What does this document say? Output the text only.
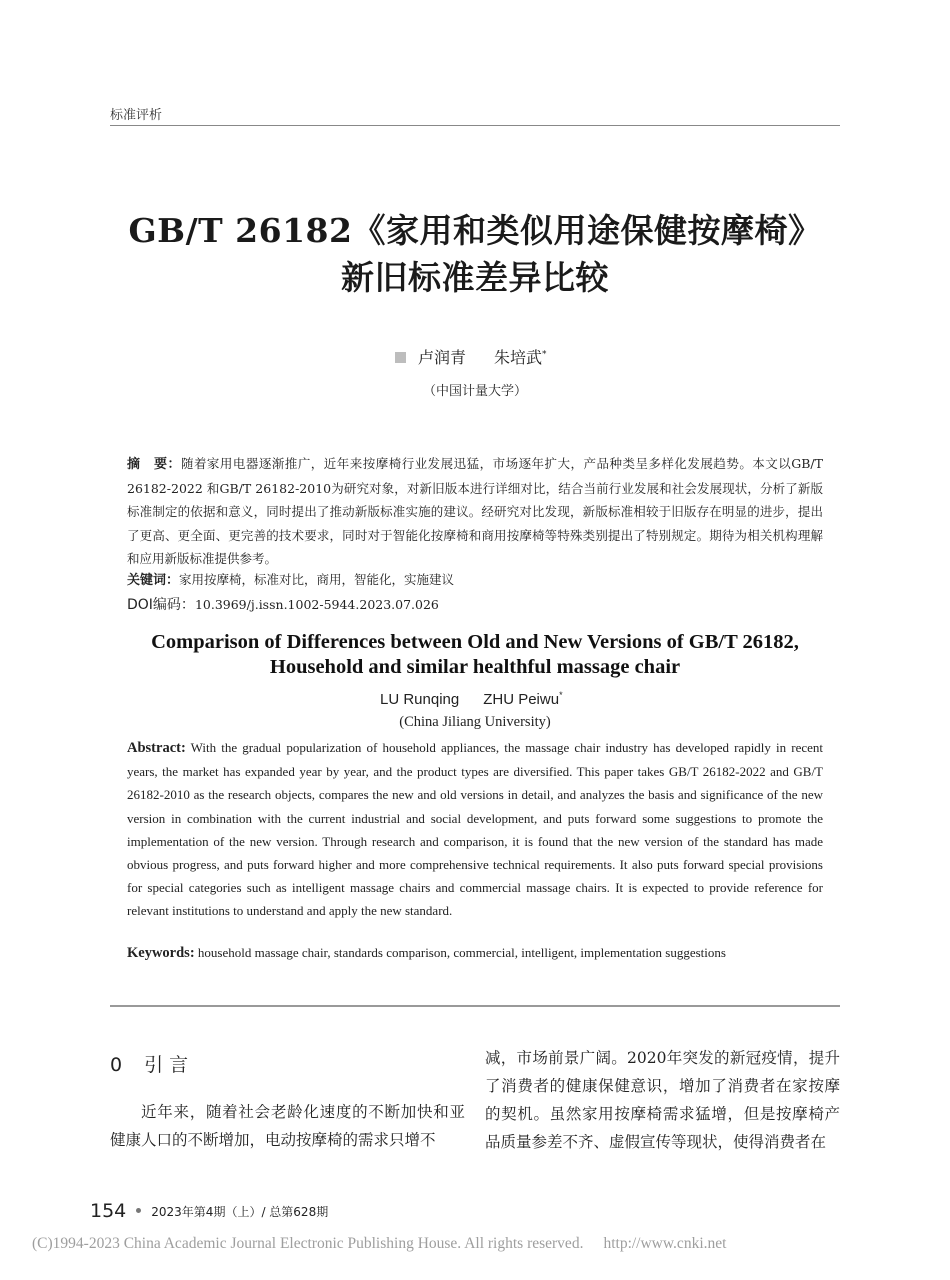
标准评析
GB/T 26182《家用和类似用途保健按摩椅》
新旧标准差异比较
卢润青 朱培武*
（中国计量大学）
摘　要：随着家用电器逐渐推广，近年来按摩椅行业发展迅猛，市场逐年扩大，产品种类呈多样化发展趋势。本文以GB/T 26182-2022 和GB/T 26182-2010为研究对象，对新旧版本进行详细对比，结合当前行业发展和社会发展现状，分析了新版标准制定的依据和意义，同时提出了推动新版标准实施的建议。经研究对比发现，新版标准相较于旧版存在明显的进步，提出了更高、更全面、更完善的技术要求，同时对于智能化按摩椅和商用按摩椅等特殊类别提出了特别规定。期待为相关机构理解和应用新版标准提供参考。
关键词：家用按摩椅，标准对比，商用，智能化，实施建议
DOI编码：10.3969/j.issn.1002-5944.2023.07.026
Comparison of Differences between Old and New Versions of GB/T 26182,
Household and similar healthful massage chair
LU Runqing ZHU Peiwu*
(China Jiliang University)
Abstract: With the gradual popularization of household appliances, the massage chair industry has developed rapidly in recent years, the market has expanded year by year, and the product types are diversified. This paper takes GB/T 26182-2022 and GB/T 26182-2010 as the research objects, compares the new and old versions in detail, and analyzes the basis and significance of the new version in combination with the current industrial and social development, and puts forward some suggestions to promote the implementation of the new version. Through research and comparison, it is found that the new version of the standard has made obvious progress, and puts forward higher and more comprehensive technical requirements. It also puts forward special provisions for special categories such as intelligent massage chairs and commercial massage chairs. It is expected to provide reference for relevant institutions to understand and apply the new standard.
Keywords: household massage chair, standards comparison, commercial, intelligent, implementation suggestions
0 引 言
近年来，随着社会老龄化速度的不断加快和亚健康人口的不断增加，电动按摩椅的需求只增不
减，市场前景广阔。2020年突发的新冠疫情，提升了消费者的健康保健意识，增加了消费者在家按摩的契机。虽然家用按摩椅需求猛增，但是按摩椅产品质量参差不齐、虚假宣传等现状，使得消费者在
154 2023年第4期（上）/ 总第628期
(C)1994-2023 China Academic Journal Electronic Publishing House. All rights reserved. http://www.cnki.net
